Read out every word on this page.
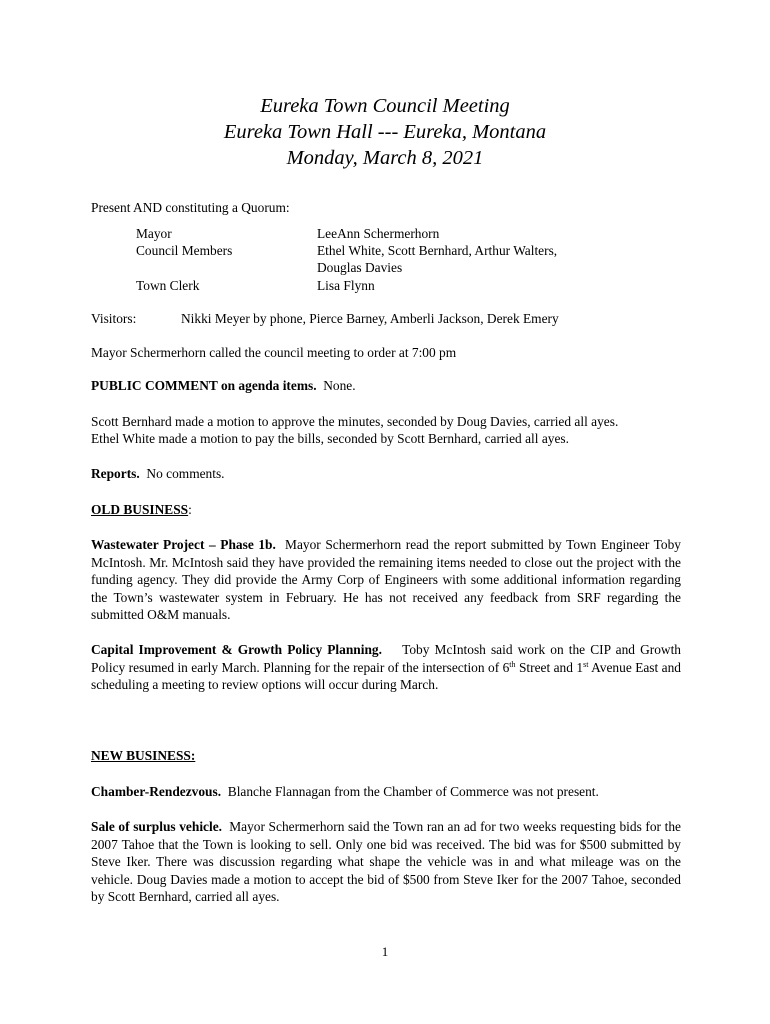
Eureka Town Council Meeting
Eureka Town Hall --- Eureka, Montana
Monday, March 8, 2021
Present AND constituting a Quorum:
Mayor	LeeAnn Schermerhorn
Council Members	Ethel White, Scott Bernhard, Arthur Walters,
Douglas Davies
Town Clerk	Lisa Flynn
Visitors:	Nikki Meyer by phone, Pierce Barney, Amberli Jackson, Derek Emery
Mayor Schermerhorn called the council meeting to order at 7:00 pm
PUBLIC COMMENT on agenda items. None.
Scott Bernhard made a motion to approve the minutes, seconded by Doug Davies, carried all ayes.
Ethel White made a motion to pay the bills, seconded by Scott Bernhard, carried all ayes.
Reports. No comments.
OLD BUSINESS:

Wastewater Project – Phase 1b. Mayor Schermerhorn read the report submitted by Town Engineer Toby McIntosh. Mr. McIntosh said they have provided the remaining items needed to close out the project with the funding agency. They did provide the Army Corp of Engineers with some additional information regarding the Town’s wastewater system in February. He has not received any feedback from SRF regarding the submitted O&M manuals.

Capital Improvement & Growth Policy Planning. Toby McIntosh said work on the CIP and Growth Policy resumed in early March. Planning for the repair of the intersection of 6th Street and 1st Avenue East and scheduling a meeting to review options will occur during March.

NEW BUSINESS:
Chamber-Rendezvous. Blanche Flannagan from the Chamber of Commerce was not present.

Sale of surplus vehicle. Mayor Schermerhorn said the Town ran an ad for two weeks requesting bids for the 2007 Tahoe that the Town is looking to sell. Only one bid was received. The bid was for $500 submitted by Steve Iker. There was discussion regarding what shape the vehicle was in and what mileage was on the vehicle. Doug Davies made a motion to accept the bid of $500 from Steve Iker for the 2007 Tahoe, seconded by Scott Bernhard, carried all ayes.

1
